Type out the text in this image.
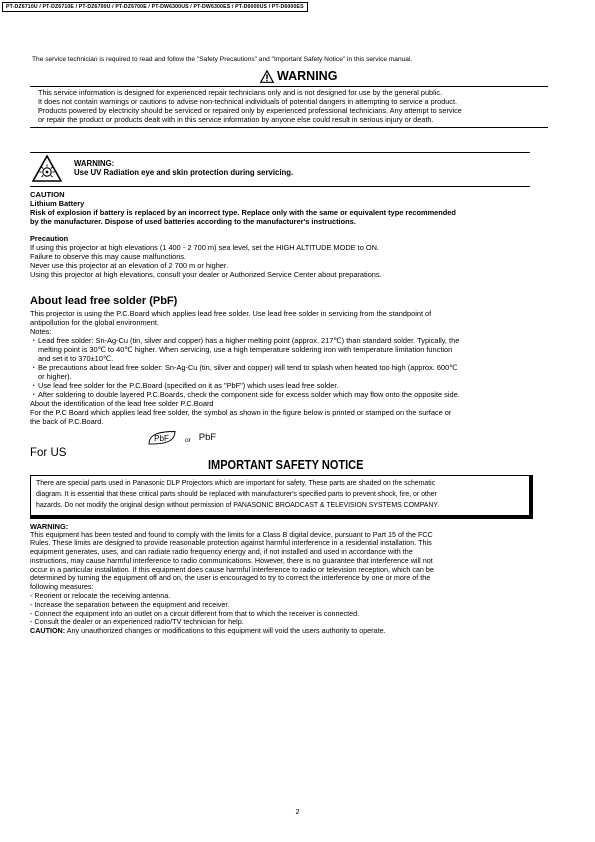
PT-DZ6710U / PT-DZ6710E / PT-DZ6700U / PT-DZ6700E / PT-DW6300US / PT-DW6300ES / PT-D6000US / PT-D6000ES
The service technician is required to read and follow the "Safety Precautions" and "Important Safety Notice" in this service manual.
WARNING
This service information is designed for experienced repair technicians only and is not designed for use by the general public.
It does not contain warnings or cautions to advise non-technical individuals of potential dangers in attempting to service a product.
Products powered by electricity should be serviced or repaired only by experienced professional technicians. Any attempt to service
or repair the product or products dealt with in this service information by anyone else could result in serious injury or death.
WARNING:
Use UV Radiation eye and skin protection during servicing.
CAUTION
Lithium Battery
Risk of explosion if battery is replaced by an incorrect type. Replace only with the same or equivalent type recommended
by the manufacturer. Dispose of used batteries according to the manufacturer's instructions.
Precaution
If using this projector at high elevations (1 400 - 2 700 m) sea level, set the HIGH ALTITUDE MODE to ON.
Failure to observe this may cause malfunctions.
Never use this projector at an elevation of 2 700 m or higher.
Using this projector at high elevations, consult your dealer or Authorized Service Center about preparations.
About lead free solder (PbF)
This projector is using the P.C.Board which applies lead free solder. Use lead free solder in servicing from the standpoint of
antipollution for the global environment.
Notes:
・ Lead free solder: Sn-Ag-Cu (tin, silver and copper) has a higher melting point (approx. 217℃) than standard solder. Typically, the
melting point is 30℃ to 40℃ higher. When servicing, use a high temperature soldering iron with temperature limitation function
and set it to 370±10℃.
・ Be precautions about lead free solder: Sn-Ag-Cu (tin, silver and copper) will tend to splash when heated too high (approx. 600℃
or higher).
・ Use lead free solder for the P.C.Board (specified on it as "PbF") which uses lead free solder.
・ After soldering to double layered P.C.Boards, check the component side for excess solder which may flow onto the opposite side.
About the identification of the lead free solder P.C.Board
For the P.C Board which applies lead free solder, the symbol as shown in the figure below is printed or stamped on the surface or
the back of P.C.Board.
PbF or PbF
For US
IMPORTANT SAFETY NOTICE
There are special parts used in Panasonic DLP Projectors which are important for safety. These parts are shaded on the schematic
diagram. It is essential that these critical parts should be replaced with manufacturer's specified parts to prevent shock, fire, or other
hazards. Do not modify the original design without permission of PANASONIC BROADCAST & TELEVISION SYSTEMS COMPANY.
WARNING:
This equipment has been tested and found to comply with the limits for a Class B digital device, pursuant to Part 15 of the FCC
Rules. These limits are designed to provide reasonable protection against harmful interference in a residential installation. This
equipment generates, uses, and can radiate radio frequency energy and, if not installed and used in accordance with the
instructions, may cause harmful interference to radio communications. However, there is no guarantee that interference will not
occur in a particular installation. If this equipment does cause harmful interference to radio or television reception, which can be
determined by turning the equipment off and on, the user is encouraged to try to correct the interference by one or more of the
following measures:
- Reorient or relocate the receiving antenna.
- Increase the separation between the equipment and receiver.
- Connect the equipment into an outlet on a circuit different from that to which the receiver is connected.
- Consult the dealer or an experienced radio/TV technician for help.
CAUTION: Any unauthorized changes or modifications to this equipment will void the users authority to operate.
2
